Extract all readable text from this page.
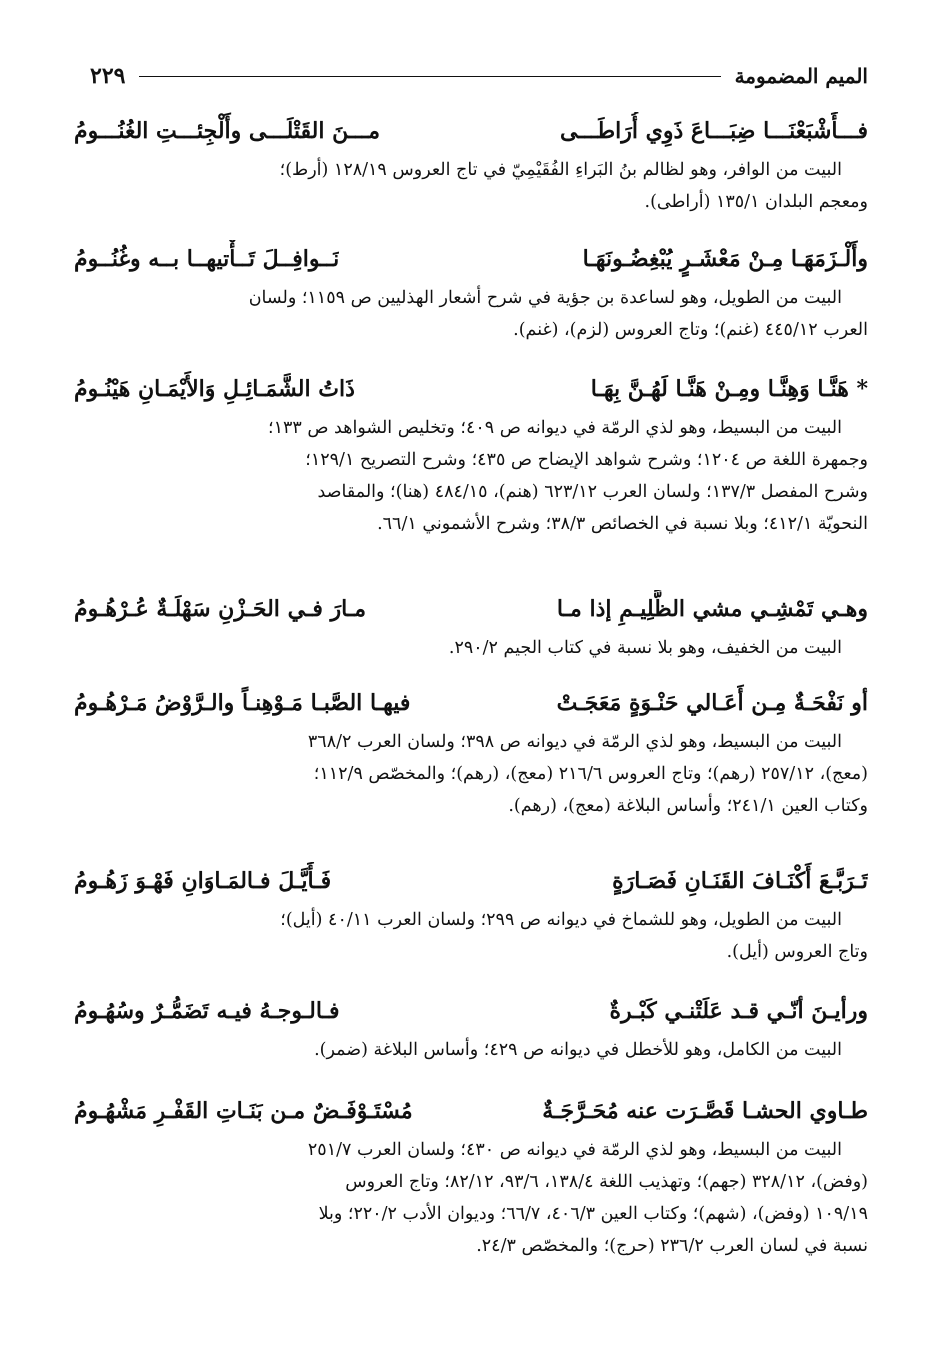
الميم المضمومة
٢٢٩
فـــأَشْبَعْنَـــا ضِبَـــاعَ ذَوِي أُرَاطَـــى
مـــنَ القَتْلَـــى وأَلْجِئـــتِ الغُنُـــومُ
البيت من الوافر، وهو لظالم بنُ البَراءِ الفُقَيْمِيّ في تاج العروس ١٢٨/١٩ (أرط)؛
ومعجم البلدان ١٣٥/١ (أراطى).
وأَلْـزَمَهَـا مِـنْ مَعْشَـرٍ يُبْغِضُـونَهَـا
نَــوافِــلَ تَــأْتيهــا بــه وغُنُــومُ
البيت من الطويل، وهو لساعدة بن جؤية في شرح أشعار الهذليين ص ١١٥٩؛ ولسان
العرب ٤٤٥/١٢ (غنم)؛ وتاج العروس (لزم)، (غنم).
* هَنَّـا وَهِنَّـا ومِـنْ هَنَّـا لَهُـنَّ بِهَـا
ذَاتُ الشَّمَـائِـلِ وَالأَيْمَـانِ هَيْنُـومُ
البيت من البسيط، وهو لذي الرمّة في ديوانه ص ٤٠٩؛ وتخليص الشواهد ص ١٣٣؛
وجمهرة اللغة ص ١٢٠٤؛ وشرح شواهد الإيضاح ص ٤٣٥؛ وشرح التصريح ١٢٩/١؛
وشرح المفصل ١٣٧/٣؛ ولسان العرب ٦٢٣/١٢ (هنم)، ٤٨٤/١٥ (هنا)؛ والمقاصد
النحويّة ٤١٢/١؛ وبلا نسبة في الخصائص ٣٨/٣؛ وشرح الأشموني ٦٦/١.
وهـي تَمْشِـي مشي الظَّلِيـمِ إذا مـا
مـارَ فـي الحَـزْنِ سَهْلَـةٌ عُـرْهُـومُ
البيت من الخفيف، وهو بلا نسبة في كتاب الجيم ٢٩٠/٢.
أو نَفْحَـةٌ مِـن أَعَـالي حَنْـوَةٍ مَعَجَـتْ
فيهـا الصَّبـا مَـوْهِنـاً والـرَّوْضُ مَـرْهُـومُ
البيت من البسيط، وهو لذي الرمّة في ديوانه ص ٣٩٨؛ ولسان العرب ٣٦٨/٢
(معج)، ٢٥٧/١٢ (رهم)؛ وتاج العروس ٢١٦/٦ (معج)، (رهم)؛ والمخصّص ١١٢/٩؛
وكتاب العين ٢٤١/١؛ وأساس البلاغة (معج)، (رهم).
تَـرَبَّـعَ أَكْنَـافَ القَنَـانِ فَصَـارَةٍ
فَـأَيَّـلَ فـالمَـاوَانِ فَهْـوَ زَهُـومُ
البيت من الطويل، وهو للشماخ في ديوانه ص ٢٩٩؛ ولسان العرب ٤٠/١١ (أيل)؛
وتاج العروس (أيل).
ورأيـنَ أنّـي قـد عَلَتْنـي كَبْـرةٌ
فـالـوجـهُ فيـه تَضَمُّـرٌ وسُهُـومُ
البيت من الكامل، وهو للأخطل في ديوانه ص ٤٢٩؛ وأساس البلاغة (ضمر).
طـاوي الحشـا قَصَّـرَت عنه مُحَـرَّجَـةٌ
مُسْتَـوْفَـضٌ مـن بَنَـاتِ القَفْـرِ مَشْهُـومُ
البيت من البسيط، وهو لذي الرمّة في ديوانه ص ٤٣٠؛ ولسان العرب ٢٥١/٧
(وفض)، ٣٢٨/١٢ (جهم)؛ وتهذيب اللغة ١٣٨/٤، ٩٣/٦، ٨٢/١٢؛ وتاج العروس
١٠٩/١٩ (وفض)، (شهم)؛ وكتاب العين ٤٠٦/٣، ٦٦/٧؛ وديوان الأدب ٢٢٠/٢؛ وبلا
نسبة في لسان العرب ٢٣٦/٢ (حرج)؛ والمخصّص ٢٤/٣.
